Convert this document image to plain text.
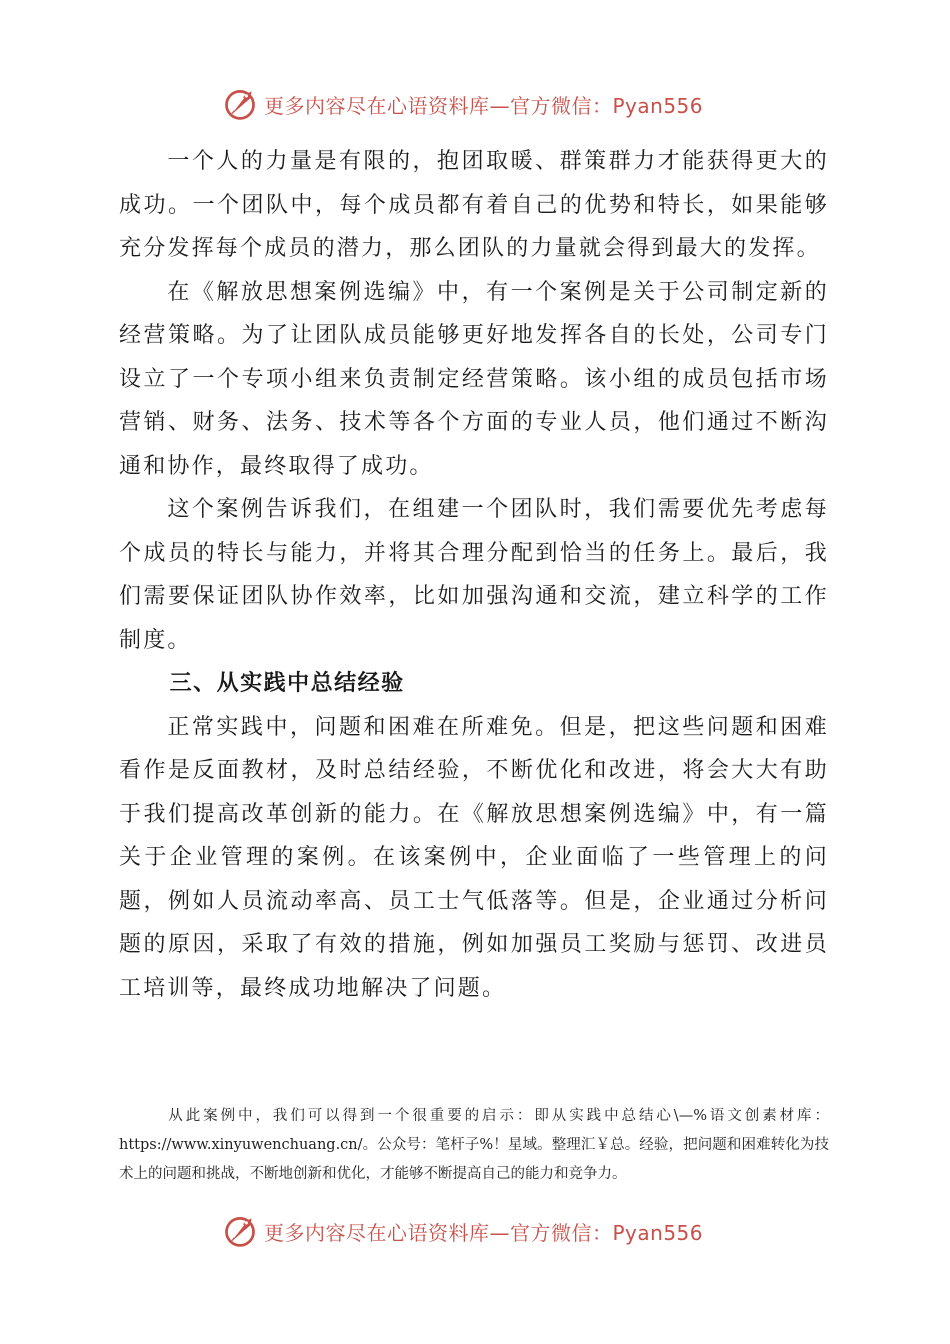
更多内容尽在心语资料库—官方微信：Pyan556

一个人的力量是有限的，抱团取暖、群策群力才能获得更大的成功。一个团队中，每个成员都有着自己的优势和特长，如果能够充分发挥每个成员的潜力，那么团队的力量就会得到最大的发挥。

在《解放思想案例选编》中，有一个案例是关于公司制定新的经营策略。为了让团队成员能够更好地发挥各自的长处，公司专门设立了一个专项小组来负责制定经营策略。该小组的成员包括市场营销、财务、法务、技术等各个方面的专业人员，他们通过不断沟通和协作，最终取得了成功。

这个案例告诉我们，在组建一个团队时，我们需要优先考虑每个成员的特长与能力，并将其合理分配到恰当的任务上。最后，我们需要保证团队协作效率，比如加强沟通和交流，建立科学的工作制度。

三、从实践中总结经验

正常实践中，问题和困难在所难免。但是，把这些问题和困难看作是反面教材，及时总结经验，不断优化和改进，将会大大有助于我们提高改革创新的能力。在《解放思想案例选编》中，有一篇关于企业管理的案例。在该案例中，企业面临了一些管理上的问题，例如人员流动率高、员工士气低落等。但是，企业通过分析问题的原因，采取了有效的措施，例如加强员工奖励与惩罚、改进员工培训等，最终成功地解决了问题。

从此案例中，我们可以得到一个很重要的启示：即从实践中总结心\—%语文创素材库：https://www.xinyuwenchuang.cn/。公众号：笔杆子%！星域。整理汇￥总。经验，把问题和困难转化为技术上的问题和挑战，不断地创新和优化，才能够不断提高自己的能力和竞争力。

更多内容尽在心语资料库—官方微信：Pyan556
